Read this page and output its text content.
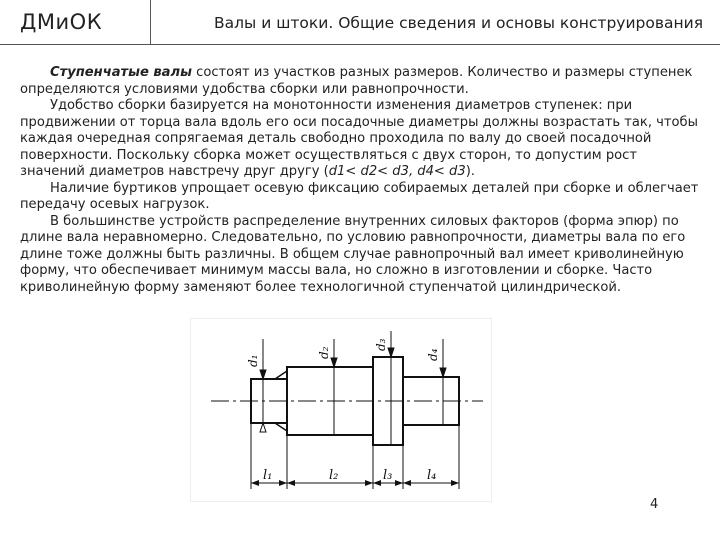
ДМиОК	Валы и штоки. Общие сведения и основы конструирования

Ступенчатые валы состоят из участков разных размеров. Количество и размеры ступенек определяются условиями удобства сборки или равнопрочности.

Удобство сборки базируется на монотонности изменения диаметров ступенек: при продвижении от торца вала вдоль его оси посадочные диаметры должны возрастать так, чтобы каждая очередная сопрягаемая деталь свободно проходила по валу до своей посадочной поверхности. Поскольку сборка может осуществляться с двух сторон, то допустим рост значений диаметров навстречу друг другу (d1< d2< d3, d4< d3).

Наличие буртиков упрощает осевую фиксацию собираемых деталей при сборке и облегчает передачу осевых нагрузок.

В большинстве устройств распределение внутренних силовых факторов (форма эпюр) по длине вала неравномерно. Следовательно, по условию равнопрочности, диаметры вала по его длине тоже должны быть различны. В общем случае равнопрочный вал имеет криволинейную форму, что обеспечивает минимум массы вала, но сложно в изготовлении и сборке. Часто криволинейную форму заменяют более технологичной ступенчатой цилиндрической.

d₁
d₂
d₃
d₄
l₁	l₂	l₃	l₄
4
